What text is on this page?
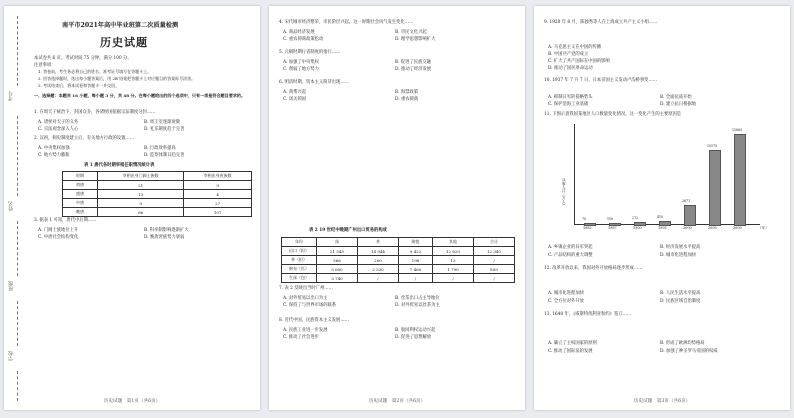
考号
姓名
班级
学校
南平市2021年高中毕业班第二次质量检测
历史试题
本试卷共 6 页。考试时间 75 分钟，满分 100 分。
注意事项：
1. 答卷前，考生务必将自己的姓名、准考证号填写在答题卡上。
2. 回答选择题时，选出每小题答案后，用 2B 铅笔把答题卡上对应题目的答案标号涂黑。
3. 考试结束后，将本试卷和答题卡一并交回。
一、选择题：本题共 16 小题，每小题 3 分，共 48 分。在每小题给出的四个选项中，只有一项是符合题目要求的。
1. 在周天子统治下，封国众多，各诸侯国依据宗法制度分封……
A. 诸侯对天子的义务	B. 周王室逐渐衰微
C. 宗法观念深入人心	D. 礼乐制度趋于完善
2. 汉初，刺史制度建立后，有关地方行政的设置……
A. 中央集权加强	B. 行政效率提高
C. 地方势力膨胀	D. 监察体制日趋完善
表 1 唐代各时期宰相任职情况统计表
时期	宰相出身门阀士族数	宰相出身庶族数
初唐	21	9
盛唐	13	4
中唐	9	27
晚唐	66	107
3. 据表 1 可知，唐代中后期……
A. 门阀士族地位上升	B. 科举制影响逐渐扩大
C. 中唐社会结构变化	D. 晚唐庶族势力衰弱
历史试题　第1页（共6页）
4. 宋代城市经济繁荣，市民阶层兴起，这一时期社会风气发生变化……
A. 商品经济发展	B. 市民文化兴起
C. 重农抑商政策松动	D. 理学思想影响扩大
5. 元朝时期行省制度的推行……
A. 加强了中央集权	B. 促进了民族交融
C. 削弱了地方势力	D. 推动了经济发展
6. 明清时期，资本主义萌芽出现……
A. 商帮兴起	B. 海禁政策
C. 闭关锁国	D. 重农抑商
表 2 19 世纪中晚期广州出口贸易的构成
年份	丝	茶	陶瓷	其他	合计
出口（担）	21 543	14 944	9 422	12 629	12 340
茶（担）	566	200	198	13	/
棉布（匹）	5 600	2 530	7 460	1 790	809
生丝（包）	3 740	/	/	/	/
7. 表 2 反映出当时广州……
A. 对外贸易以出口为主	B. 丝茶出口占主导地位
C. 保持了与世界市场的联系	D. 对外贸易以丝茶为主
8. 近代中国，民族资本主义发展……
A. 民族工业进一步发展	B. 收回利权运动兴起
C. 推动了社会进步	D. 促进了思想解放
历史试题　第2页（共6页）
9. 1920 年 8 月，陈独秀等人在上海成立共产主义小组……
A. 马克思主义在中国的传播
B. 中国共产党的成立
C. 扩大了共产国际在中国的影响
D. 推动了国民革命运动
10. 1937 年 7 月 7 日，日本帝国主义发动卢沟桥事变……
A. 抑制日军的侵略势头	B. 全面抗战开始
C. 保护沿海工业基础	D. 建立抗日根据地
11. 下图示意我国某地区人口数量变化情况，这一变化产生的主要原因是
从事人口（万人）
70
1982
150
1987
272
1990
410
1995
2671
2000
10575
2005
12865
2009	（年）
A. 乡镇企业的异军突起	B. 经济发展水平提高
C. 产品结构的重大调整	D. 城市化进程加快
12. 改革开放以来，我国对外开放格局逐步形成……
A. 城市化进程加快	B. 人民生活水平提高
C. 全方位对外开放	D. 民族区域自治制度
13. 1648 年，《威斯特伐利亚和约》签订……
A. 确立了主权国家的原则	B. 形成了欧洲均势格局
C. 推动了国际法的发展	D. 加强了神圣罗马帝国的权威
历史试题　第3页（共6页）
